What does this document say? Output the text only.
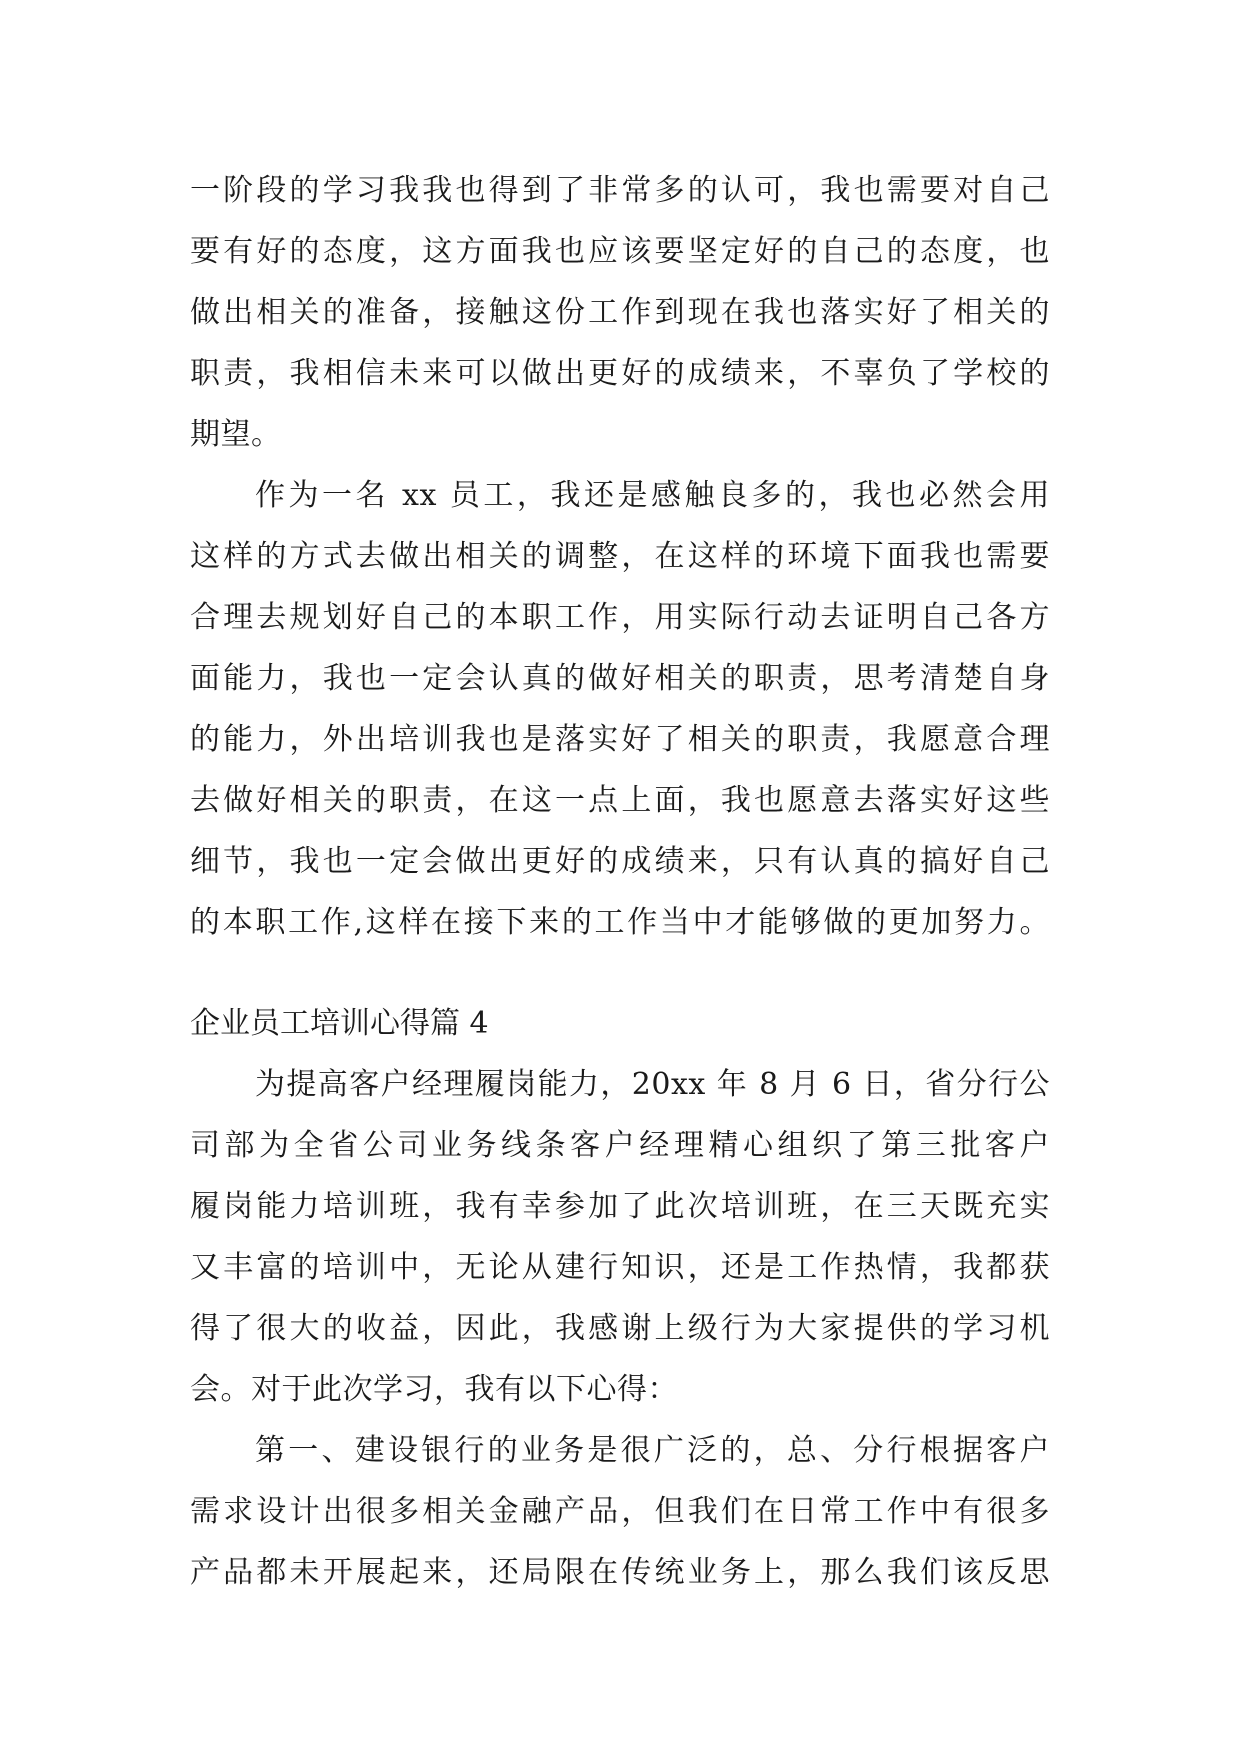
一阶段的学习我我也得到了非常多的认可，我也需要对自己
要有好的态度，这方面我也应该要坚定好的自己的态度，也
做出相关的准备，接触这份工作到现在我也落实好了相关的
职责，我相信未来可以做出更好的成绩来，不辜负了学校的
期望。
作为一名 xx 员工，我还是感触良多的，我也必然会用
这样的方式去做出相关的调整，在这样的环境下面我也需要
合理去规划好自己的本职工作，用实际行动去证明自己各方
面能力，我也一定会认真的做好相关的职责，思考清楚自身
的能力，外出培训我也是落实好了相关的职责，我愿意合理
去做好相关的职责，在这一点上面，我也愿意去落实好这些
细节，我也一定会做出更好的成绩来，只有认真的搞好自己
的本职工作,这样在接下来的工作当中才能够做的更加努力。
企业员工培训心得篇 4
为提高客户经理履岗能力，20xx 年 8 月 6 日，省分行公
司部为全省公司业务线条客户经理精心组织了第三批客户
履岗能力培训班，我有幸参加了此次培训班，在三天既充实
又丰富的培训中，无论从建行知识，还是工作热情，我都获
得了很大的收益，因此，我感谢上级行为大家提供的学习机
会。对于此次学习，我有以下心得：
第一、建设银行的业务是很广泛的，总、分行根据客户
需求设计出很多相关金融产品，但我们在日常工作中有很多
产品都未开展起来，还局限在传统业务上，那么我们该反思
